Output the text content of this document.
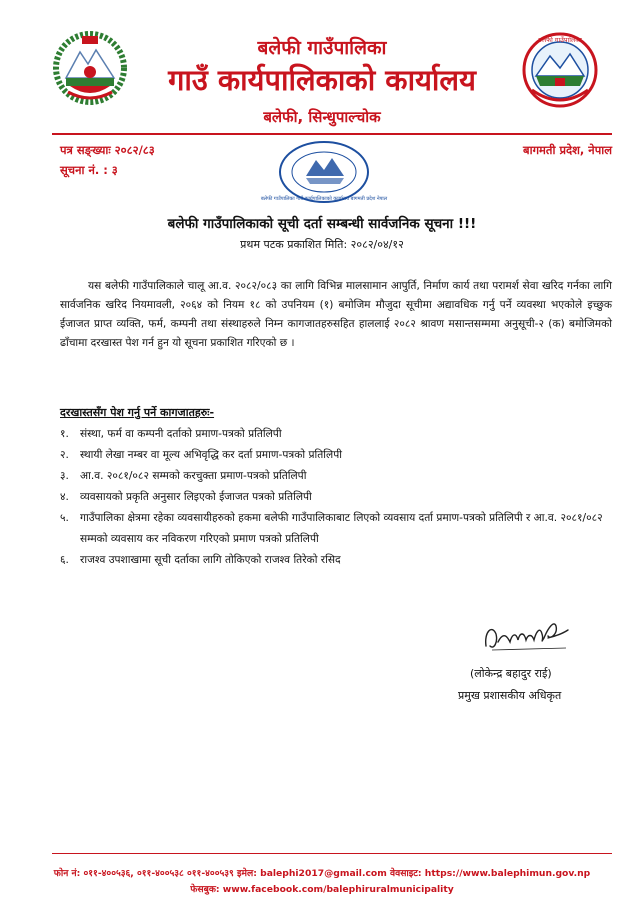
बलेफी गाउँपालिका
बलेफी गाउँपालिका
गाउँ कार्यपालिकाको कार्यालय
बलेफी, सिन्धुपाल्चोक
पत्र सङ्ख्याः २०८२/८३
सूचना नं. : ३
बागमती प्रदेश, नेपाल
बलेफी गाउँपालिका गाउँ कार्यपालिकाको कार्यालय बागमती प्रदेश नेपाल
बलेफी गाउँपालिकाको सूची दर्ता सम्बन्धी सार्वजनिक सूचना !!!
प्रथम पटक प्रकाशित मिति: २०८२/०४/१२
यस बलेफी गाउँपालिकाले चालू आ.व. २०८२/०८३ का लागि विभिन्न मालसामान आपुर्ति, निर्माण कार्य तथा परामर्श सेवा खरिद गर्नका लागि सार्वजनिक खरिद नियमावली, २०६४ को नियम १८ को उपनियम (१) बमोजिम मौजुदा सूचीमा अद्यावधिक गर्नु पर्ने व्यवस्था भएकोले इच्छुक ईजाजत प्राप्त व्यक्ति, फर्म, कम्पनी तथा संस्थाहरुले निम्न कागजातहरुसहित हाललाई २०८२ श्रावण मसान्तसम्ममा अनुसूची-२ (क) बमोजिमको ढाँचामा दरखास्त पेश गर्न हुन यो सूचना प्रकाशित गरिएको छ ।
दरखास्तसँग पेश गर्नु पर्ने कागजातहरुः-
१. संस्था, फर्म वा कम्पनी दर्ताको प्रमाण-पत्रको प्रतिलिपी
२. स्थायी लेखा नम्बर वा मूल्य अभिवृद्धि कर दर्ता प्रमाण-पत्रको प्रतिलिपी
३. आ.व. २०८१/०८२ सम्मको करचुक्ता प्रमाण-पत्रको प्रतिलिपी
४. व्यवसायको प्रकृति अनुसार लिइएको ईजाजत पत्रको प्रतिलिपी
५. गाउँपालिका क्षेत्रमा रहेका व्यवसायीहरुको हकमा बलेफी गाउँपालिकाबाट लिएको व्यवसाय दर्ता प्रमाण-पत्रको प्रतिलिपी र आ.व. २०८१/०८२ सम्मको व्यवसाय कर नविकरण गरिएको प्रमाण पत्रको प्रतिलिपी
६. राजश्व उपशाखामा सूची दर्ताका लागि तोकिएको राजश्व तिरेको रसिद
(लोकेन्द्र बहादुर राई)
प्रमुख प्रशासकीय अधिकृत
फोन नं: ०११-४००५३६, ०११-४००५३८ ०११-४००५३९ इमेल: balephi2017@gmail.com वेवसाइट: https://www.balephimun.gov.np
फेसबुक: www.facebook.com/balephiruralmunicipality
